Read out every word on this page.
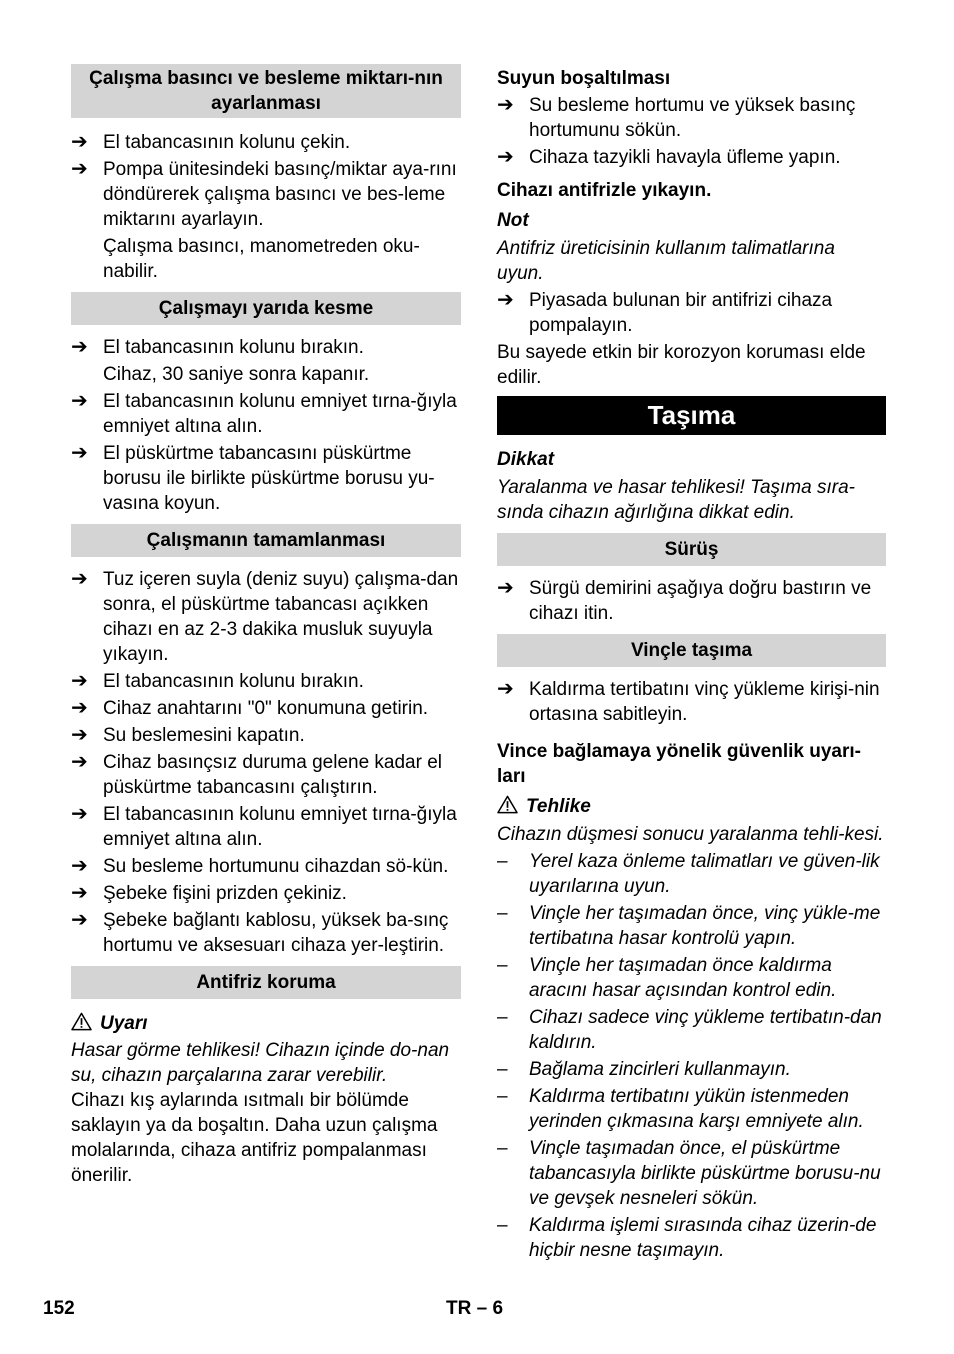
Çalışma basıncı ve besleme miktarı-nın ayarlanması
➔ El tabancasının kolunu çekin.
➔ Pompa ünitesindeki basınç/miktar aya-rını döndürerek çalışma basıncı ve bes-leme miktarını ayarlayın.
Çalışma basıncı, manometreden oku-nabilir.
Çalışmayı yarıda kesme
➔ El tabancasının kolunu bırakın.
Cihaz, 30 saniye sonra kapanır.
➔ El tabancasının kolunu emniyet tırna-ğıyla emniyet altına alın.
➔ El püskürtme tabancasını püskürtme borusu ile birlikte püskürtme borusu yu-vasına koyun.
Çalışmanın tamamlanması
➔ Tuz içeren suyla (deniz suyu) çalışma-dan sonra, el püskürtme tabancası açıkken cihazı en az 2-3 dakika musluk suyuyla yıkayın.
➔ El tabancasının kolunu bırakın.
➔ Cihaz anahtarını "0" konumuna getirin.
➔ Su beslemesini kapatın.
➔ Cihaz basınçsız duruma gelene kadar el püskürtme tabancasını çalıştırın.
➔ El tabancasının kolunu emniyet tırna-ğıyla emniyet altına alın.
➔ Su besleme hortumunu cihazdan sö-kün.
➔ Şebeke fişini prizden çekiniz.
➔ Şebeke bağlantı kablosu, yüksek ba-sınç hortumu ve aksesuarı cihaza yer-leştirin.
Antifriz koruma
Uyarı
Hasar görme tehlikesi! Cihazın içinde do-nan su, cihazın parçalarına zarar verebilir.
Cihazı kış aylarında ısıtmalı bir bölümde saklayın ya da boşaltın. Daha uzun çalışma molalarında, cihaza antifriz pompalanması önerilir.
Suyun boşaltılması
➔ Su besleme hortumu ve yüksek basınç hortumunu sökün.
➔ Cihaza tazyikli havayla üfleme yapın.
Cihazı antifrizle yıkayın.
Not
Antifriz üreticisinin kullanım talimatlarına uyun.
➔ Piyasada bulunan bir antifrizi cihaza pompalayın.
Bu sayede etkin bir korozyon koruması elde edilir.
Taşıma
Dikkat
Yaralanma ve hasar tehlikesi! Taşıma sıra-sında cihazın ağırlığına dikkat edin.
Sürüş
➔ Sürgü demirini aşağıya doğru bastırın ve cihazı itin.
Vinçle taşıma
➔ Kaldırma tertibatını vinç yükleme kirişi-nin ortasına sabitleyin.
Vince bağlamaya yönelik güvenlik uyarı-ları
Tehlike
Cihazın düşmesi sonucu yaralanma tehli-kesi.
– Yerel kaza önleme talimatları ve güven-lik uyarılarına uyun.
– Vinçle her taşımadan önce, vinç yükle-me tertibatına hasar kontrolü yapın.
– Vinçle her taşımadan önce kaldırma aracını hasar açısından kontrol edin.
– Cihazı sadece vinç yükleme tertibatın-dan kaldırın.
– Bağlama zincirleri kullanmayın.
– Kaldırma tertibatını yükün istenmeden yerinden çıkmasına karşı emniyete alın.
– Vinçle taşımadan önce, el püskürtme tabancasıyla birlikte püskürtme borusu-nu ve gevşek nesneleri sökün.
– Kaldırma işlemi sırasında cihaz üzerin-de hiçbir nesne taşımayın.
152	TR – 6
